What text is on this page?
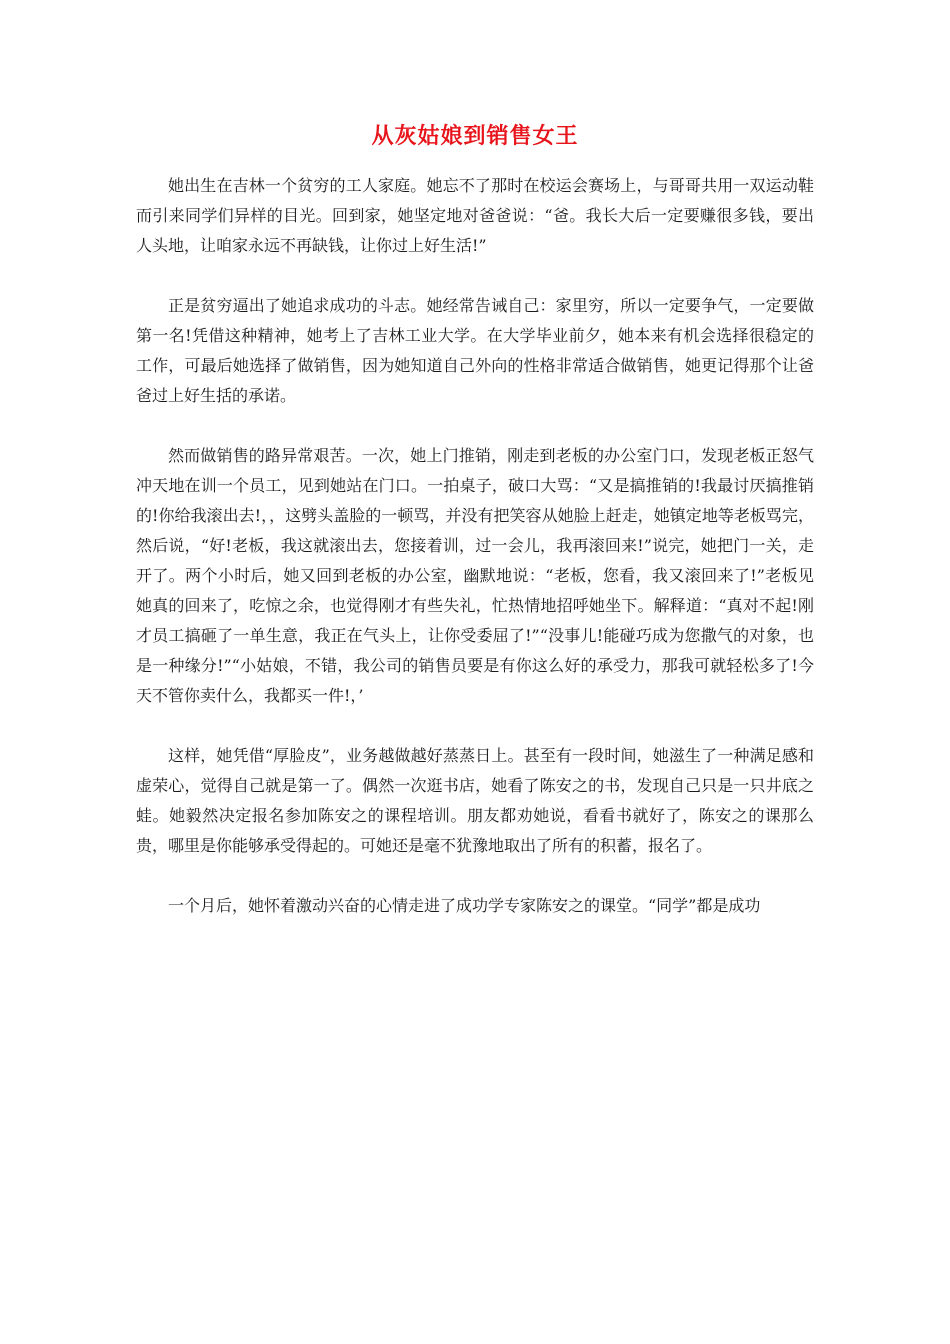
从灰姑娘到销售女王

她出生在吉林一个贫穷的工人家庭。她忘不了那时在校运会赛场上，与哥哥共用一双运动鞋而引来同学们异样的目光。回到家，她坚定地对爸爸说：“爸。我长大后一定要赚很多钱，要出人头地，让咱家永远不再缺钱，让你过上好生活!”

正是贫穷逼出了她追求成功的斗志。她经常告诫自己：家里穷，所以一定要争气，一定要做第一名!凭借这种精神，她考上了吉林工业大学。在大学毕业前夕，她本来有机会选择很稳定的工作，可最后她选择了做销售，因为她知道自己外向的性格非常适合做销售，她更记得那个让爸爸过上好生括的承诺。

然而做销售的路异常艰苦。一次，她上门推销，刚走到老板的办公室门口，发现老板正怒气冲天地在训一个员工，见到她站在门口。一拍桌子，破口大骂：“又是搞推销的!我最讨厌搞推销的!你给我滚出去!，，这劈头盖脸的一顿骂，并没有把笑容从她脸上赶走，她镇定地等老板骂完，然后说，“好!老板，我这就滚出去，您接着训，过一会儿，我再滚回来!”说完，她把门一关，走开了。两个小时后，她又回到老板的办公室，幽默地说：“老板，您看，我又滚回来了!”老板见她真的回来了，吃惊之余，也觉得刚才有些失礼，忙热情地招呼她坐下。解释道：“真对不起!刚才员工搞砸了一单生意，我正在气头上，让你受委屈了!”“没事儿!能碰巧成为您撒气的对象，也是一种缘分!”“小姑娘，不错，我公司的销售员要是有你这么好的承受力，那我可就轻松多了!今天不管你卖什么，我都买一件!，’

这样，她凭借“厚脸皮”，业务越做越好蒸蒸日上。甚至有一段时间，她滋生了一种满足感和虚荣心，觉得自己就是第一了。偶然一次逛书店，她看了陈安之的书，发现自己只是一只井底之蛙。她毅然决定报名参加陈安之的课程培训。朋友都劝她说，看看书就好了，陈安之的课那么贵，哪里是你能够承受得起的。可她还是毫不犹豫地取出了所有的积蓄，报名了。

一个月后，她怀着激动兴奋的心情走进了成功学专家陈安之的课堂。“同学”都是成功
